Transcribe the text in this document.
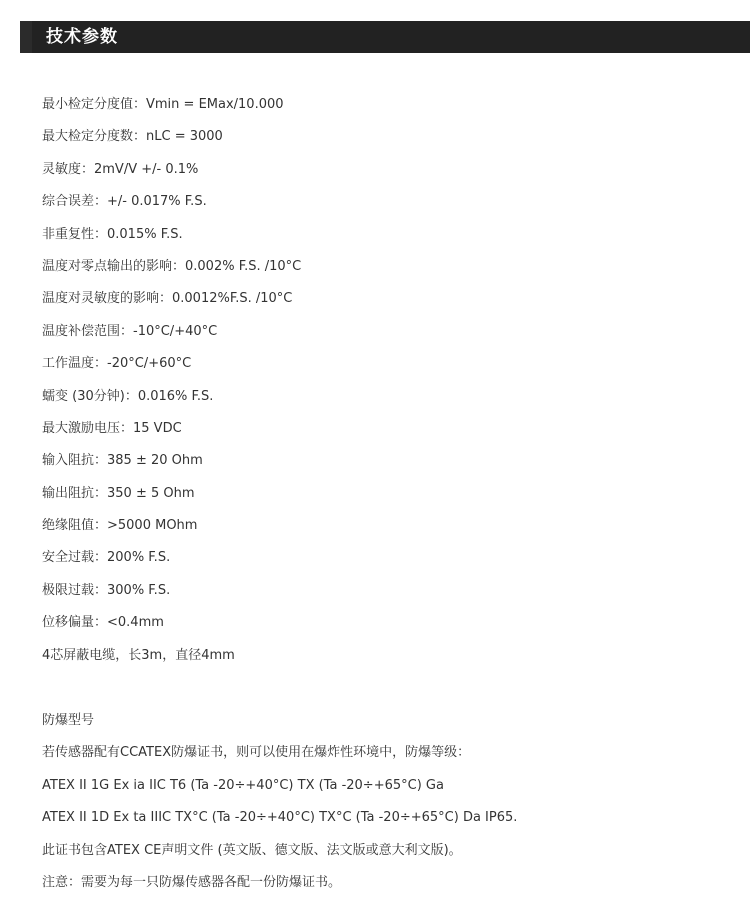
技术参数
最小检定分度值：Vmin = EMax/10.000
最大检定分度数：nLC = 3000
灵敏度：2mV/V +/- 0.1%
综合误差：+/- 0.017% F.S.
非重复性：0.015% F.S.
温度对零点输出的影响：0.002% F.S. /10°C
温度对灵敏度的影响：0.0012%F.S. /10°C
温度补偿范围：-10°C/+40°C
工作温度：-20°C/+60°C
蠕变 (30分钟)：0.016% F.S.
最大激励电压：15 VDC
输入阻抗：385 ± 20 Ohm
输出阻抗：350 ± 5 Ohm
绝缘阻值：>5000 MOhm
安全过载：200% F.S.
极限过载：300% F.S.
位移偏量：<0.4mm
4芯屏蔽电缆，长3m，直径4mm
防爆型号
若传感器配有CCATEX防爆证书，则可以使用在爆炸性环境中，防爆等级：
ATEX II 1G Ex ia IIC T6 (Ta -20÷+40°C) TX (Ta -20÷+65°C) Ga
ATEX II 1D Ex ta IIIC TX°C (Ta -20÷+40°C) TX°C (Ta -20÷+65°C) Da IP65.
此证书包含ATEX CE声明文件 (英文版、德文版、法文版或意大利文版)。
注意：需要为每一只防爆传感器各配一份防爆证书。
